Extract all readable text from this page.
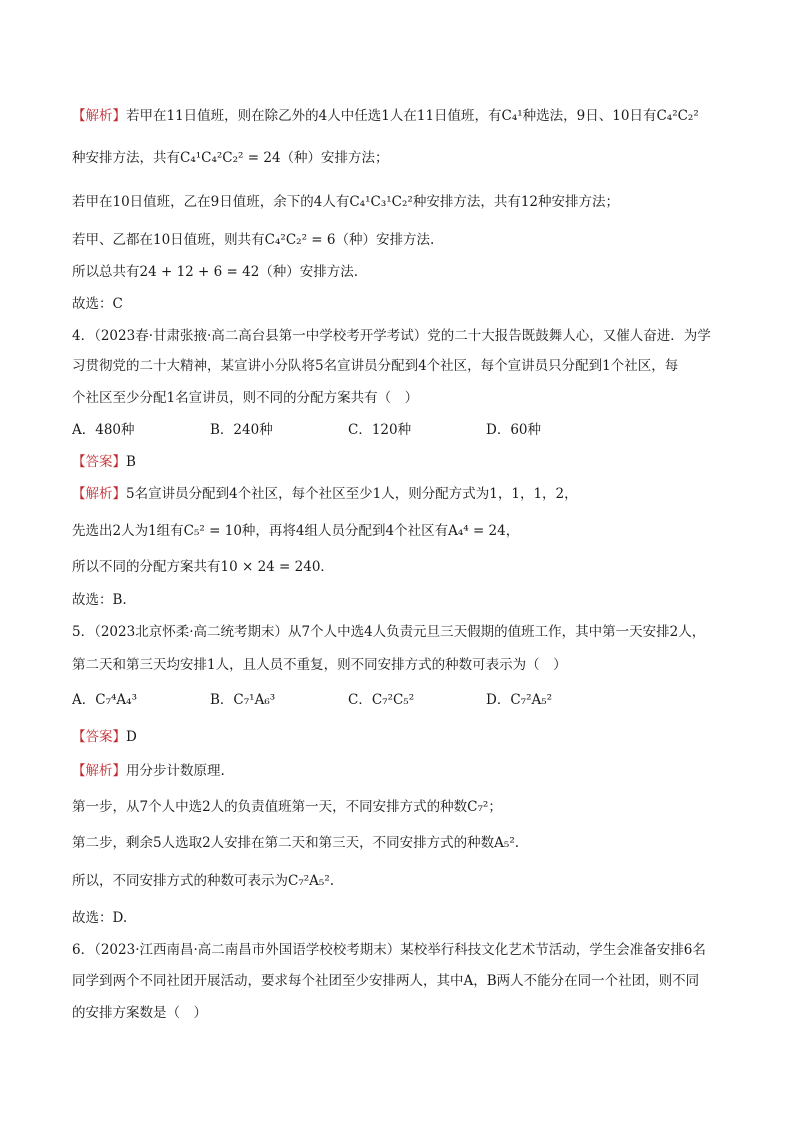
【解析】若甲在11日值班，则在除乙外的4人中任选1人在11日值班，有C₄¹种选法，9日、10日有C₄²C₂²
种安排方法，共有C₄¹C₄²C₂² = 24（种）安排方法；
若甲在10日值班，乙在9日值班，余下的4人有C₄¹C₃¹C₂²种安排方法，共有12种安排方法；
若甲、乙都在10日值班，则共有C₄²C₂² = 6（种）安排方法.
所以总共有24 + 12 + 6 = 42（种）安排方法.
故选：C
4．（2023春·甘肃张掖·高二高台县第一中学校考开学考试）党的二十大报告既鼓舞人心，又催人奋进．为学
习贯彻党的二十大精神，某宣讲小分队将5名宣讲员分配到4个社区，每个宣讲员只分配到1个社区，每
个社区至少分配1名宣讲员，则不同的分配方案共有（　）
A．480种	B．240种	C．120种	D．60种
【答案】B
【解析】5名宣讲员分配到4个社区，每个社区至少1人，则分配方式为1，1，1，2，
先选出2人为1组有C₅² = 10种，再将4组人员分配到4个社区有A₄⁴ = 24，
所以不同的分配方案共有10 × 24 = 240．
故选：B.
5．（2023北京怀柔·高二统考期末）从7个人中选4人负责元旦三天假期的值班工作，其中第一天安排2人，
第二天和第三天均安排1人，且人员不重复，则不同安排方式的种数可表示为（　）
A．C₇⁴A₄³	B．C₇¹A₆³	C．C₇²C₅²	D．C₇²A₅²
【答案】D
【解析】用分步计数原理.
第一步，从7个人中选2人的负责值班第一天，不同安排方式的种数C₇²；
第二步，剩余5人选取2人安排在第二天和第三天，不同安排方式的种数A₅².
所以，不同安排方式的种数可表示为C₇²A₅².
故选：D.
6．（2023·江西南昌·高二南昌市外国语学校校考期末）某校举行科技文化艺术节活动，学生会准备安排6名
同学到两个不同社团开展活动，要求每个社团至少安排两人，其中A，B两人不能分在同一个社团，则不同
的安排方案数是（　）
